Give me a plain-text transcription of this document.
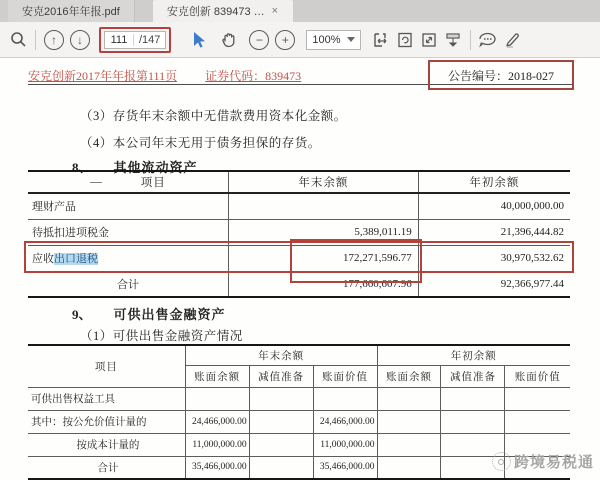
安克2016年年报.pdf	安克创新 839473 … ×
↑ ↓
111	/147	− + 100%
安克创新2017年年报第111页 证券代码：839473	公告编号：2018-027
（3）存货年末余额中无借款费用资本化金额。
（4）本公司年末无用于债务担保的存货。
8、 其他流动资产
— 项目	年末余额	年初余额
理财产品		40,000,000.00
待抵扣进项税金	5,389,011.19	21,396,444.82
应收出口退税	172,271,596.77	30,970,532.62
合计	177,660,607.96	92,366,977.44
9、 可供出售金融资产
（1）可供出售金融资产情况
项目	年末余额			年初余额		
	账面余额	减值准备	账面价值	账面余额	减值准备	账面价值
可供出售权益工具						
其中：按公允价值计量的	24,466,000.00		24,466,000.00			
按成本计量的	11,000,000.00		11,000,000.00			
合计	35,466,000.00		35,466,000.00				跨境易税通
